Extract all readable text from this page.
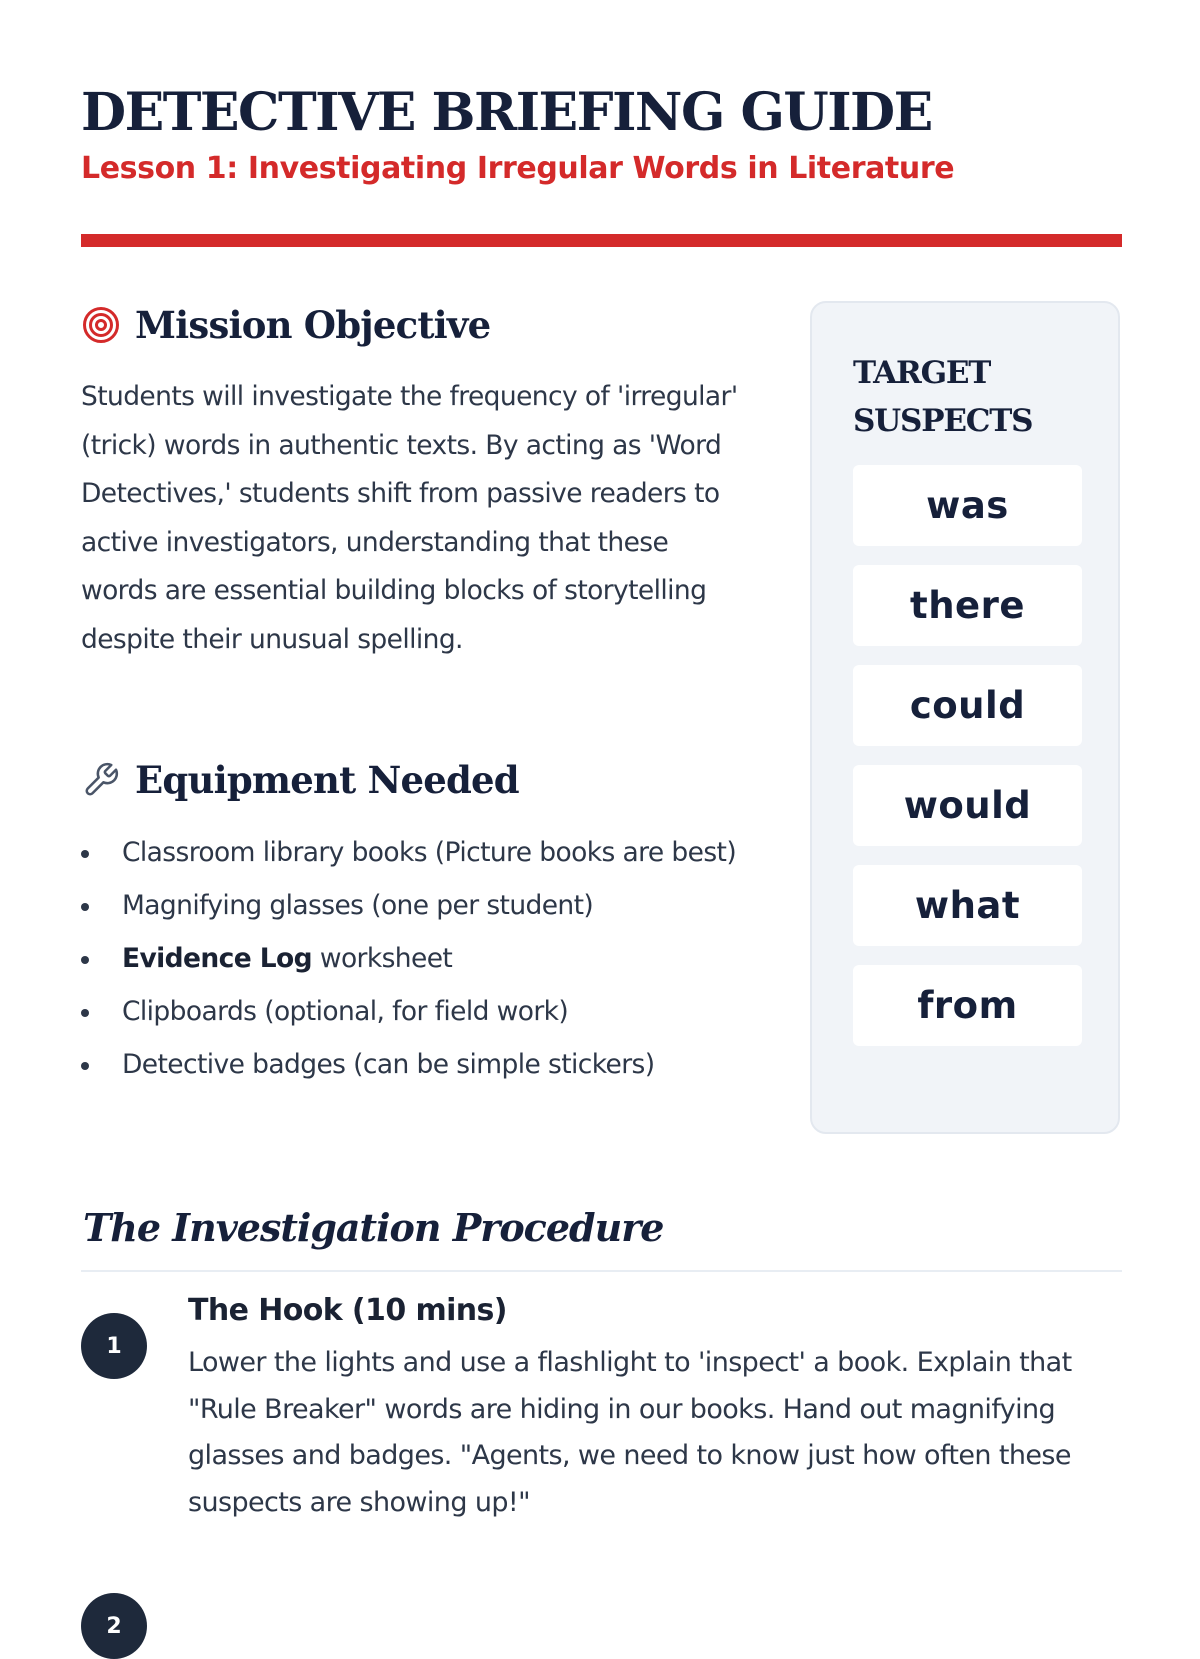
DETECTIVE BRIEFING GUIDE
Lesson 1: Investigating Irregular Words in Literature
Mission Objective

Students will investigate the frequency of 'irregular' (trick) words in authentic texts. By acting as 'Word Detectives,' students shift from passive readers to active investigators, understanding that these words are essential building blocks of storytelling despite their unusual spelling.

Equipment Needed
Classroom library books (Picture books are best)
Magnifying glasses (one per student)
Evidence Log worksheet
Clipboards (optional, for field work)
Detective badges (can be simple stickers)
TARGET SUSPECTS
was
there
could
would
what
from
The Investigation Procedure
1
The Hook (10 mins)

Lower the lights and use a flashlight to 'inspect' a book. Explain that "Rule Breaker" words are hiding in our books. Hand out magnifying glasses and badges. "Agents, we need to know just how often these suspects are showing up!"

2
